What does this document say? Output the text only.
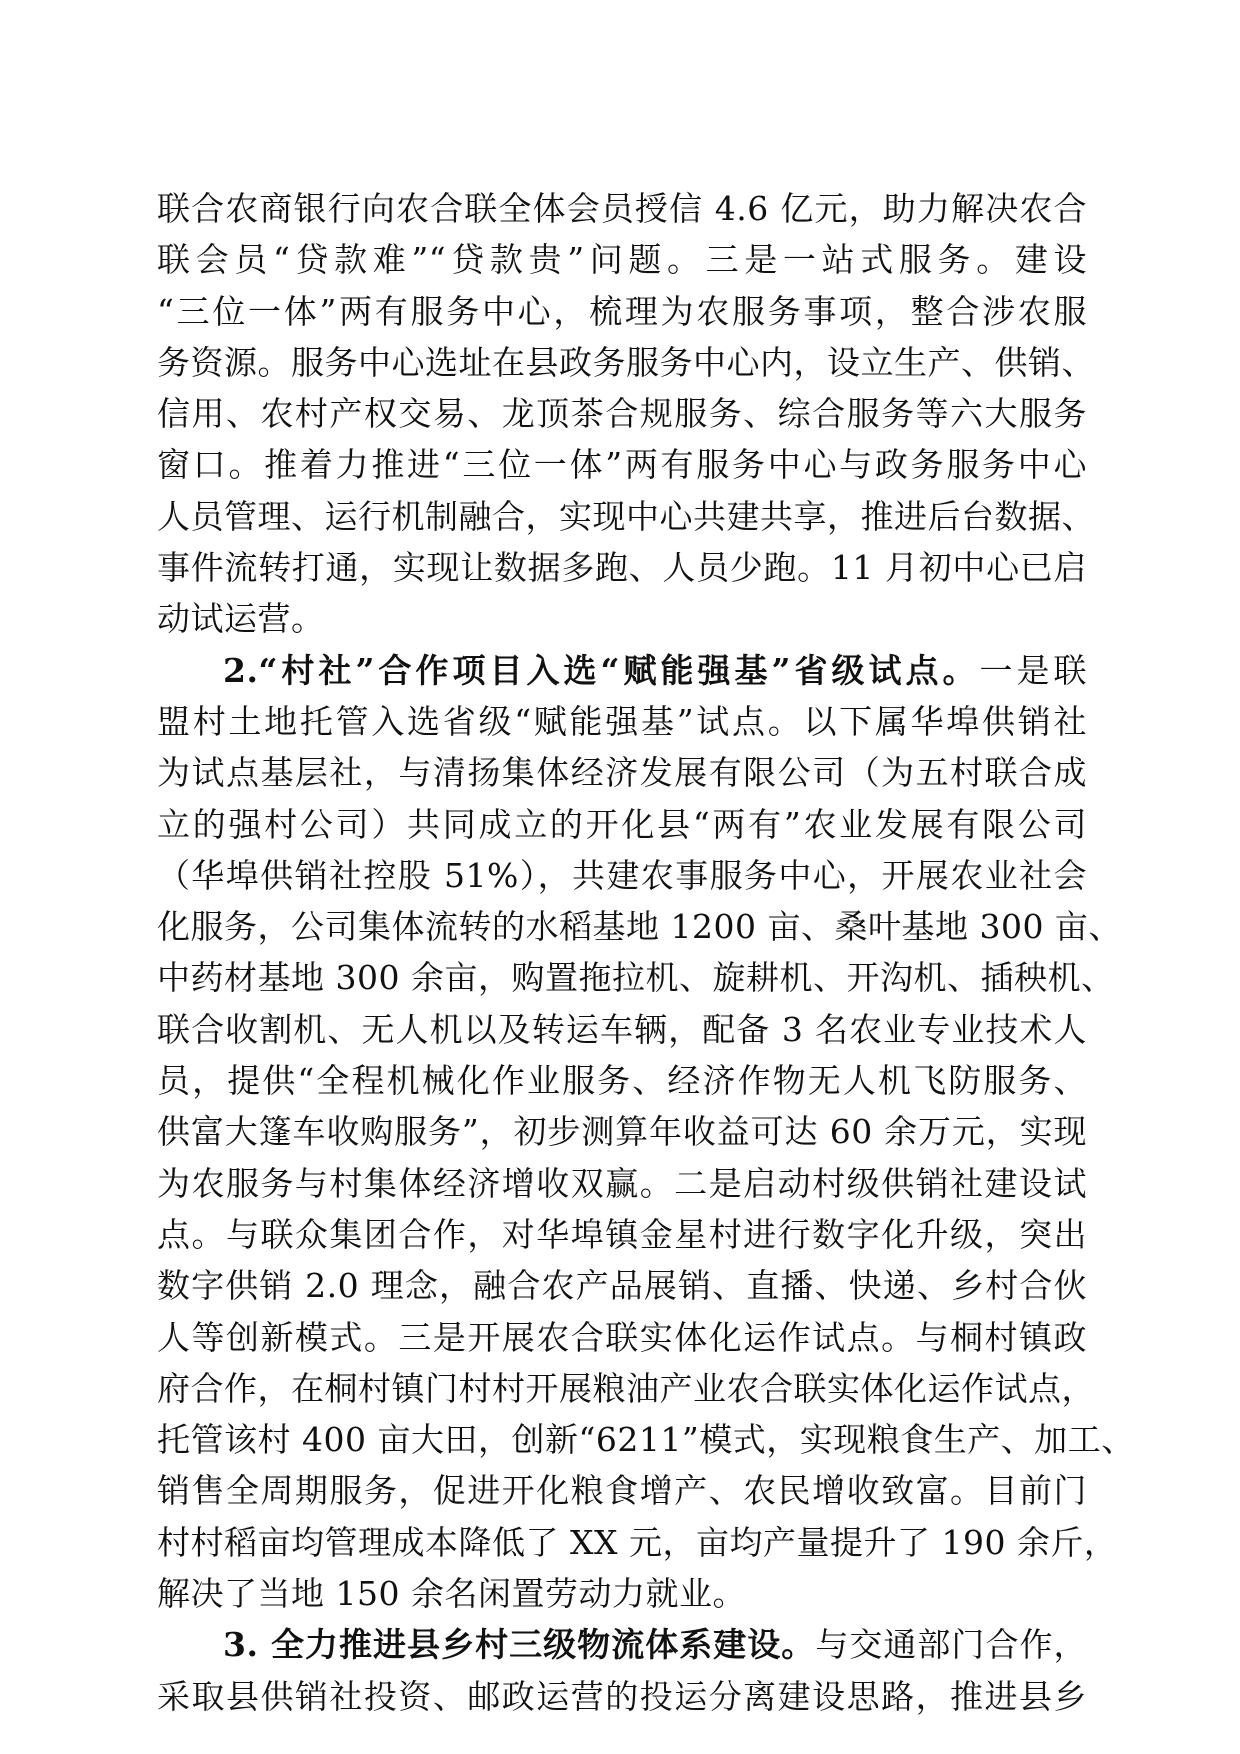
联合农商银行向农合联全体会员授信 4.6 亿元，助力解决农合
联会员“贷款难”“贷款贵”问题。三是一站式服务。建设
“三位一体”两有服务中心，梳理为农服务事项，整合涉农服
务资源。服务中心选址在县政务服务中心内，设立生产、供销、
信用、农村产权交易、龙顶茶合规服务、综合服务等六大服务
窗口。推着力推进“三位一体”两有服务中心与政务服务中心
人员管理、运行机制融合，实现中心共建共享，推进后台数据、
事件流转打通，实现让数据多跑、人员少跑。11 月初中心已启
动试运营。
2.“村社”合作项目入选“赋能强基”省级试点。一是联
盟村土地托管入选省级“赋能强基”试点。以下属华埠供销社
为试点基层社，与清扬集体经济发展有限公司（为五村联合成
立的强村公司）共同成立的开化县“两有”农业发展有限公司
（华埠供销社控股 51%），共建农事服务中心，开展农业社会
化服务，公司集体流转的水稻基地 1200 亩、桑叶基地 300 亩、
中药材基地 300 余亩，购置拖拉机、旋耕机、开沟机、插秧机、
联合收割机、无人机以及转运车辆，配备 3 名农业专业技术人
员，提供“全程机械化作业服务、经济作物无人机飞防服务、
供富大篷车收购服务”，初步测算年收益可达 60 余万元，实现
为农服务与村集体经济增收双赢。二是启动村级供销社建设试
点。与联众集团合作，对华埠镇金星村进行数字化升级，突出
数字供销 2.0 理念，融合农产品展销、直播、快递、乡村合伙
人等创新模式。三是开展农合联实体化运作试点。与桐村镇政
府合作，在桐村镇门村村开展粮油产业农合联实体化运作试点，
托管该村 400 亩大田，创新“6211”模式，实现粮食生产、加工、
销售全周期服务，促进开化粮食增产、农民增收致富。目前门
村村稻亩均管理成本降低了 XX 元，亩均产量提升了 190 余斤，
解决了当地 150 余名闲置劳动力就业。
3. 全力推进县乡村三级物流体系建设。与交通部门合作，
采取县供销社投资、邮政运营的投运分离建设思路，推进县乡
